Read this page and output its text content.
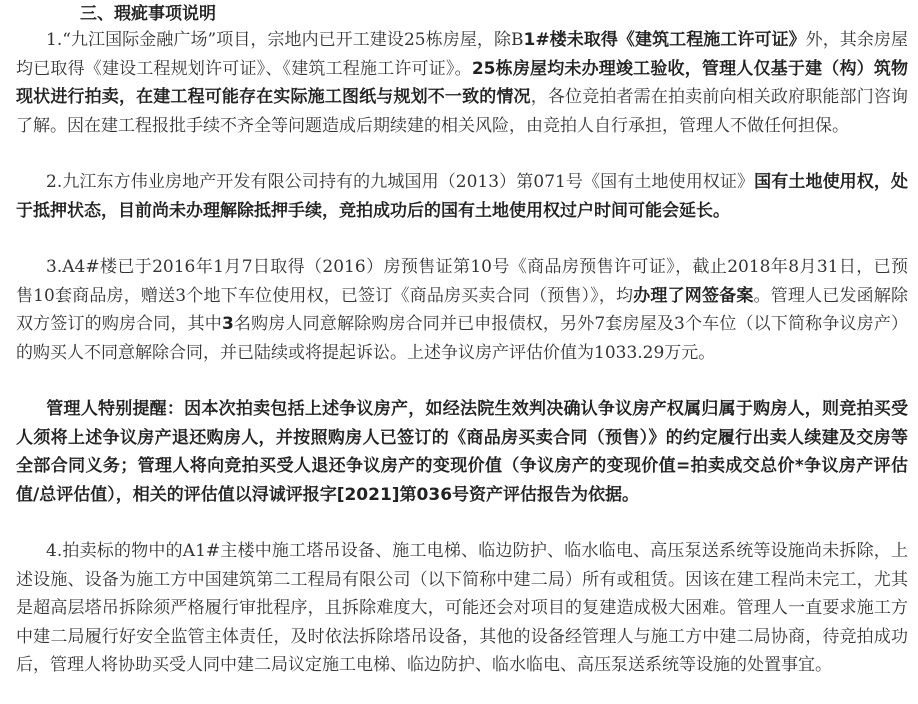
三、瑕疵事项说明
1.“九江国际金融广场”项目，宗地内已开工建设25栋房屋，除B1#楼未取得《建筑工程施工许可证》外，其余房屋均已取得《建设工程规划许可证》、《建筑工程施工许可证》。25栋房屋均未办理竣工验收，管理人仅基于建（构）筑物现状进行拍卖，在建工程可能存在实际施工图纸与规划不一致的情况，各位竞拍者需在拍卖前向相关政府职能部门咨询了解。因在建工程报批手续不齐全等问题造成后期续建的相关风险，由竞拍人自行承担，管理人不做任何担保。
2.九江东方伟业房地产开发有限公司持有的九城国用（2013）第071号《国有土地使用权证》国有土地使用权，处于抵押状态，目前尚未办理解除抵押手续，竞拍成功后的国有土地使用权过户时间可能会延长。
3.A4#楼已于2016年1月7日取得（2016）房预售证第10号《商品房预售许可证》，截止2018年8月31日，已预售10套商品房，赠送3个地下车位使用权，已签订《商品房买卖合同（预售）》，均办理了网签备案。管理人已发函解除双方签订的购房合同，其中3名购房人同意解除购房合同并已申报债权，另外7套房屋及3个车位（以下简称争议房产）的购买人不同意解除合同，并已陆续或将提起诉讼。上述争议房产评估价值为1033.29万元。
管理人特别提醒：因本次拍卖包括上述争议房产，如经法院生效判决确认争议房产权属归属于购房人，则竞拍买受人须将上述争议房产退还购房人，并按照购房人已签订的《商品房买卖合同（预售）》的约定履行出卖人续建及交房等全部合同义务；管理人将向竞拍买受人退还争议房产的变现价值（争议房产的变现价值=拍卖成交总价*争议房产评估值/总评估值），相关的评估值以浔诚评报字[2021]第036号资产评估报告为依据。
4.拍卖标的物中的A1#主楼中施工塔吊设备、施工电梯、临边防护、临水临电、高压泵送系统等设施尚未拆除，上述设施、设备为施工方中国建筑第二工程局有限公司（以下简称中建二局）所有或租赁。因该在建工程尚未完工，尤其是超高层塔吊拆除须严格履行审批程序，且拆除难度大，可能还会对项目的复建造成极大困难。管理人一直要求施工方中建二局履行好安全监管主体责任，及时依法拆除塔吊设备，其他的设备经管理人与施工方中建二局协商，待竞拍成功后，管理人将协助买受人同中建二局议定施工电梯、临边防护、临水临电、高压泵送系统等设施的处置事宜。
